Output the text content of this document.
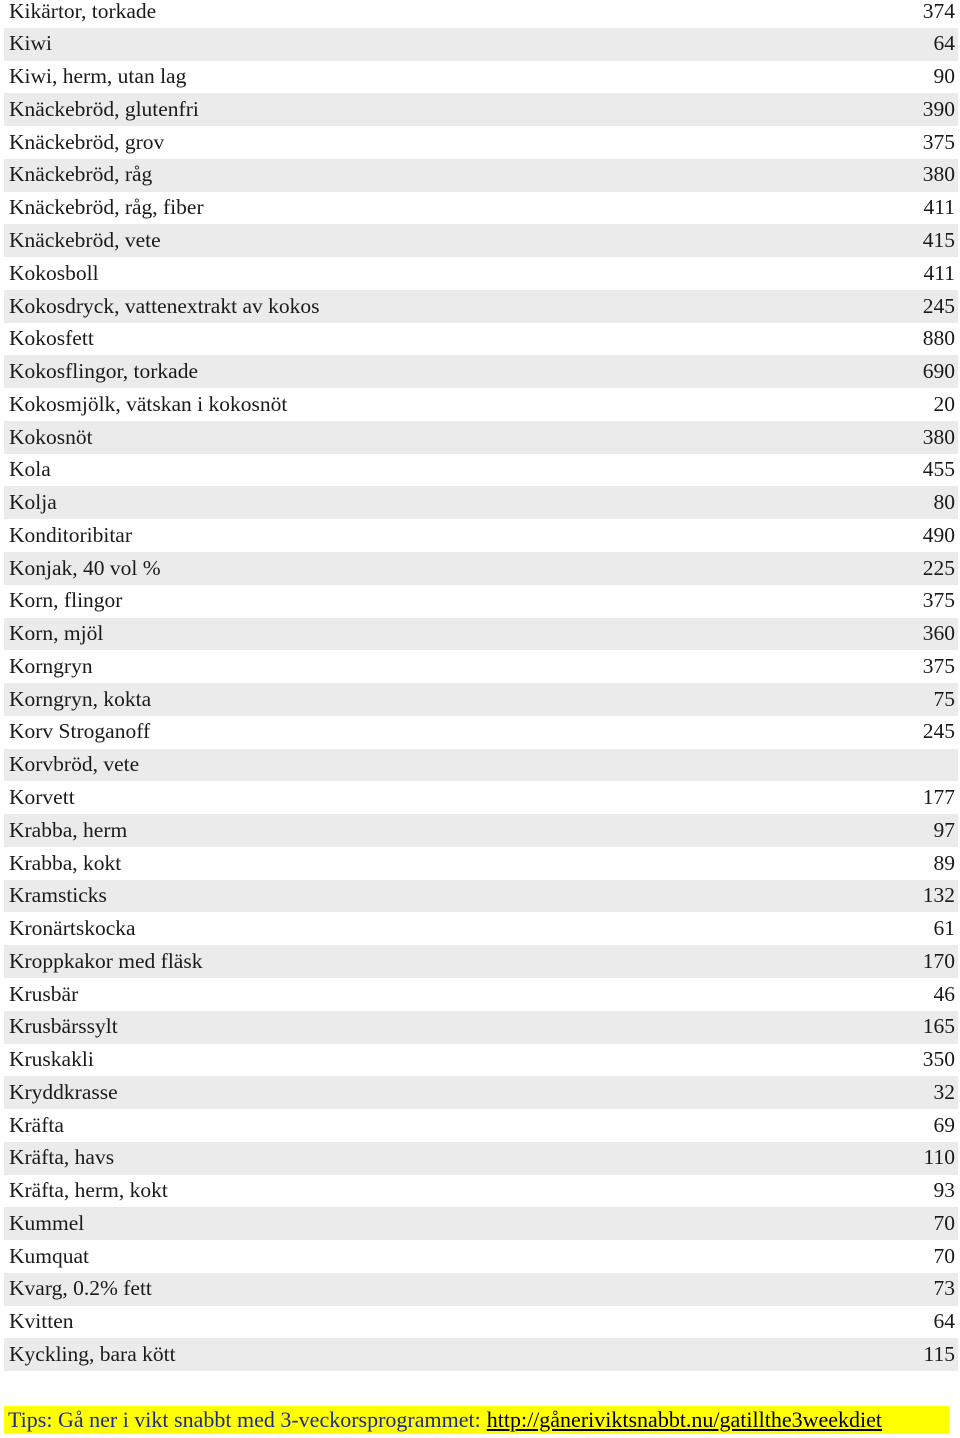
Kikärtor, torkade	374
Kiwi	64
Kiwi, herm, utan lag	90
Knäckebröd, glutenfri	390
Knäckebröd, grov	375
Knäckebröd, råg	380
Knäckebröd, råg, fiber	411
Knäckebröd, vete	415
Kokosboll	411
Kokosdryck, vattenextrakt av kokos	245
Kokosfett	880
Kokosflingor, torkade	690
Kokosmjölk, vätskan i kokosnöt	20
Kokosnöt	380
Kola	455
Kolja	80
Konditoribitar	490
Konjak, 40 vol %	225
Korn, flingor	375
Korn, mjöl	360
Korngryn	375
Korngryn, kokta	75
Korv Stroganoff	245
Korvbröd, vete
Korvett	177
Krabba, herm	97
Krabba, kokt	89
Kramsticks	132
Kronärtskocka	61
Kroppkakor med fläsk	170
Krusbär	46
Krusbärssylt	165
Kruskakli	350
Kryddkrasse	32
Kräfta	69
Kräfta, havs	110
Kräfta, herm, kokt	93
Kummel	70
Kumquat	70
Kvarg, 0.2% fett	73
Kvitten	64
Kyckling, bara kött	115
Tips: Gå ner i vikt snabbt med 3-veckorsprogrammet: http://gåneriviktsnabbt.nu/gatillthe3weekdiet
